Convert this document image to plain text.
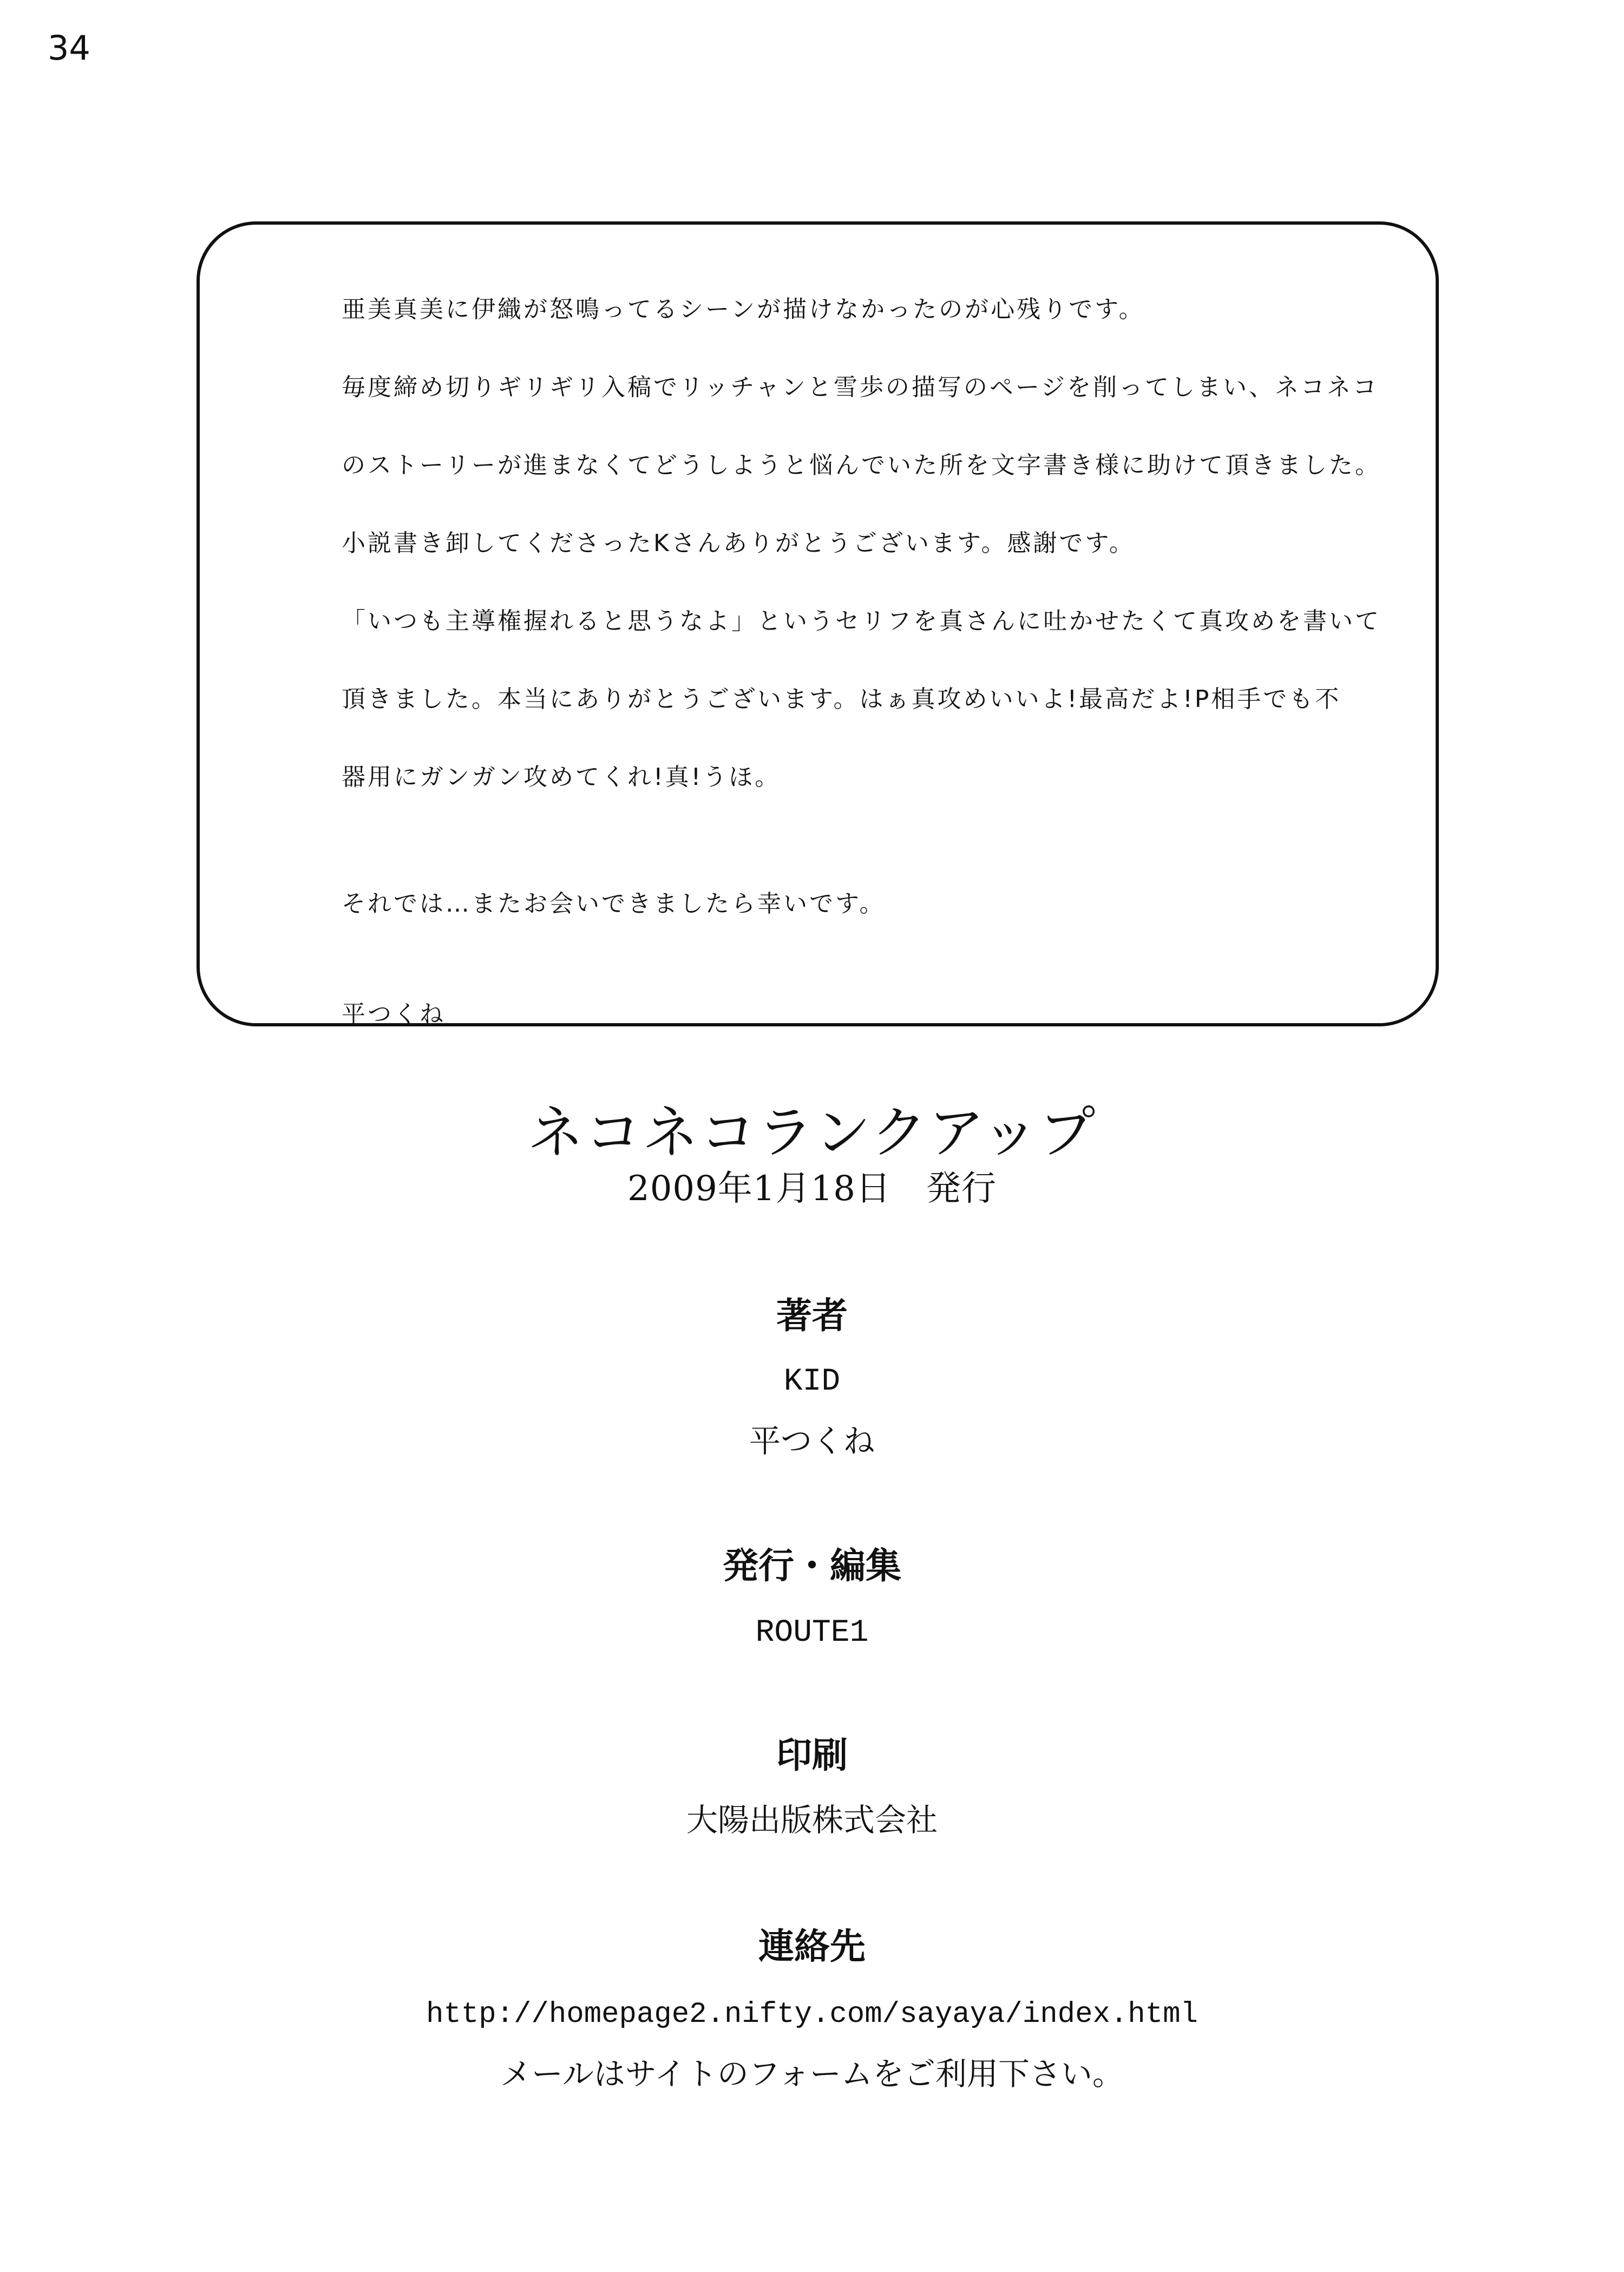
34
亜美真美に伊織が怒鳴ってるシーンが描けなかったのが心残りです。
毎度締め切りギリギリ入稿でリッチャンと雪歩の描写のページを削ってしまい、ネコネコ
のストーリーが進まなくてどうしようと悩んでいた所を文字書き様に助けて頂きました。
小説書き卸してくださったKさんありがとうございます。感謝です。
「いつも主導権握れると思うなよ」というセリフを真さんに吐かせたくて真攻めを書いて
頂きました。本当にありがとうございます。はぁ真攻めいいよ!最高だよ!P相手でも不
器用にガンガン攻めてくれ!真!うほ。
それでは…またお会いできましたら幸いです。
平つくね
ネコネコランクアップ
2009年1月18日　発行
著者
KID
平つくね
発行・編集
ROUTE1
印刷
大陽出版株式会社
連絡先
http://homepage2.nifty.com/sayaya/index.html
メールはサイトのフォームをご利用下さい。
